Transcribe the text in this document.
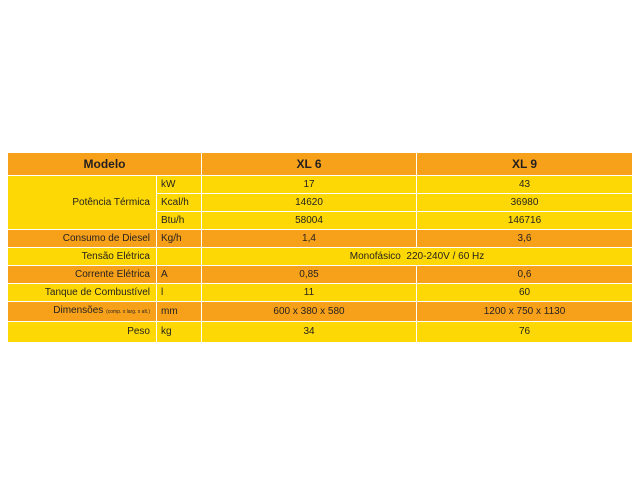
Modelo		XL 6	XL 9
Potência Térmica	kW	17	43
	Kcal/h	14620	36980
	Btu/h	58004	146716
Consumo de Diesel	Kg/h	1,4	3,6
Tensão Elétrica		Monofásico  220-240V / 60 Hz	
Corrente Elétrica	A	0,85	0,6
Tanque de Combustível	l	11	60
Dimensões (comp. x larg. x alt.)	mm	600 x 380 x 580	1200 x 750 x 1130
Peso	kg	34	76
